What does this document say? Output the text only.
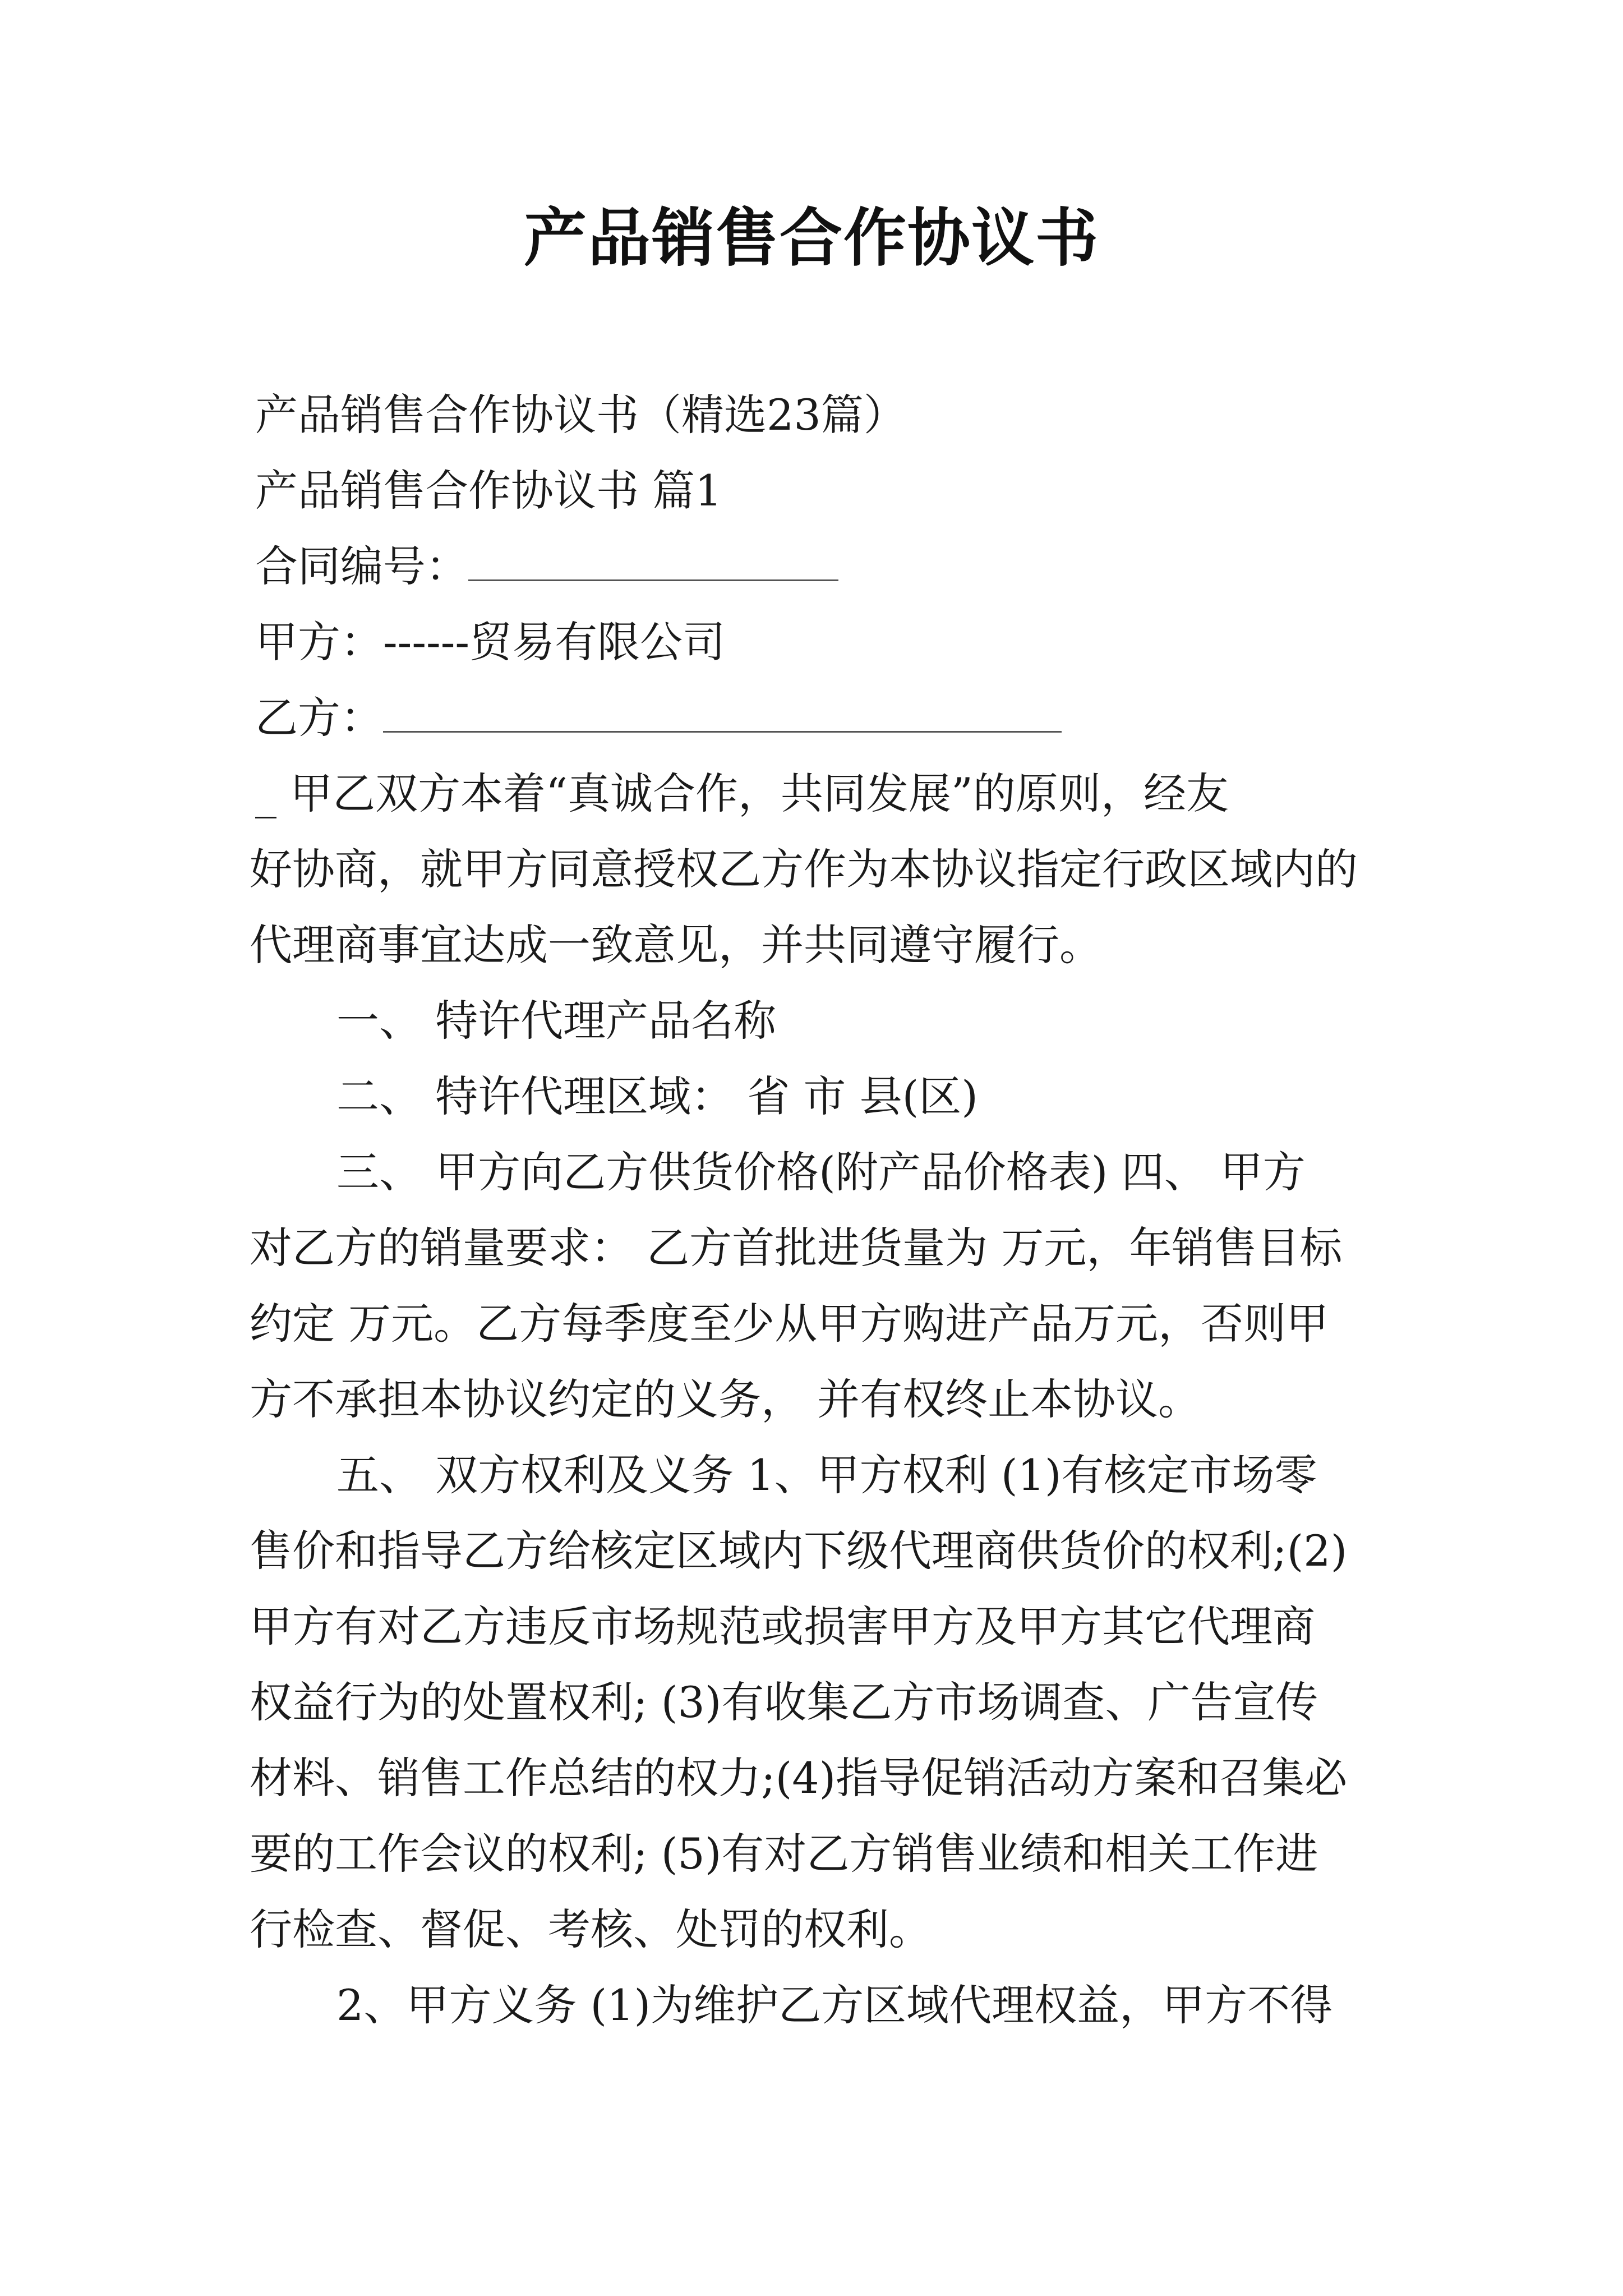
产品销售合作协议书
产品销售合作协议书（精选23篇）
产品销售合作协议书 篇1
合同编号：
甲方：------贸易有限公司
乙方：
_ 甲乙双方本着“真诚合作，共同发展”的原则，经友
好协商，就甲方同意授权乙方作为本协议指定行政区域内的
代理商事宜达成一致意见，并共同遵守履行。
一、 特许代理产品名称
二、 特许代理区域： 省 市 县(区)
三、 甲方向乙方供货价格(附产品价格表) 四、 甲方
对乙方的销量要求： 乙方首批进货量为 万元，年销售目标
约定 万元。乙方每季度至少从甲方购进产品万元，否则甲
方不承担本协议约定的义务， 并有权终止本协议。
五、 双方权利及义务 1、甲方权利 (1)有核定市场零
售价和指导乙方给核定区域内下级代理商供货价的权利;(2)
甲方有对乙方违反市场规范或损害甲方及甲方其它代理商
权益行为的处置权利; (3)有收集乙方市场调查、广告宣传
材料、销售工作总结的权力;(4)指导促销活动方案和召集必
要的工作会议的权利; (5)有对乙方销售业绩和相关工作进
行检查、督促、考核、处罚的权利。
2、甲方义务 (1)为维护乙方区域代理权益，甲方不得
